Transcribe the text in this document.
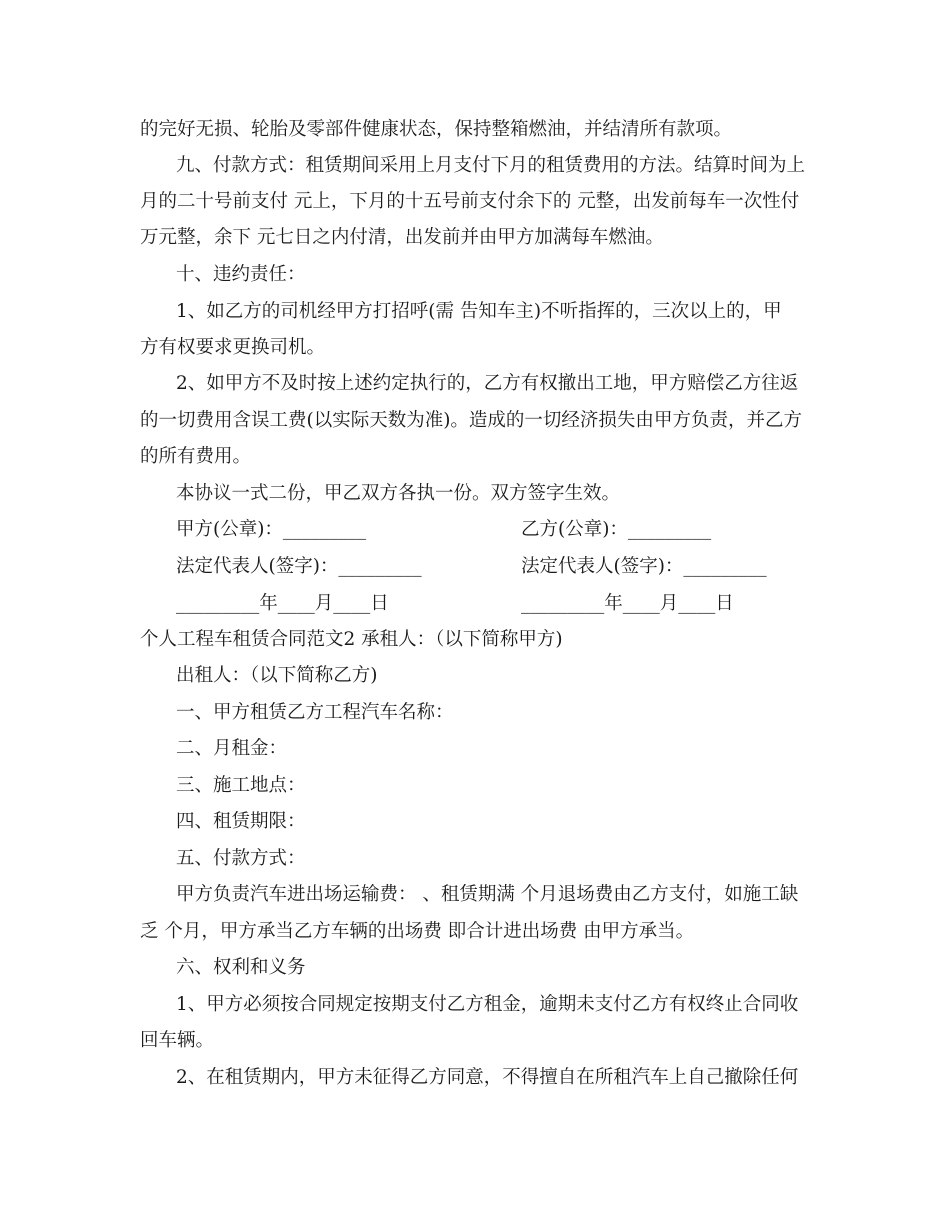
的完好无损、轮胎及零部件健康状态，保持整箱燃油，并结清所有款项。
九、付款方式：租赁期间采用上月支付下月的租赁费用的方法。结算时间为上
月的二十号前支付 元上，下月的十五号前支付余下的 元整，出发前每车一次性付
万元整，余下 元七日之内付清，出发前并由甲方加满每车燃油。
十、违约责任：
1、如乙方的司机经甲方打招呼(需 告知车主)不听指挥的，三次以上的，甲
方有权要求更换司机。
2、如甲方不及时按上述约定执行的，乙方有权撤出工地，甲方赔偿乙方往返
的一切费用含误工费(以实际天数为准)。造成的一切经济损失由甲方负责，并乙方
的所有费用。
本协议一式二份，甲乙双方各执一份。双方签字生效。
甲方(公章)：_________	乙方(公章)：_________
法定代表人(签字)：_________	法定代表人(签字)：_________
_________年____月____日	_________年____月____日
个人工程车租赁合同范文2 承租人：（以下简称甲方)
出租人：（以下简称乙方)
一、甲方租赁乙方工程汽车名称：
二、月租金：
三、施工地点：
四、租赁期限：
五、付款方式：
甲方负责汽车进出场运输费： 、租赁期满 个月退场费由乙方支付，如施工缺
乏 个月，甲方承当乙方车辆的出场费 即合计进出场费 由甲方承当。
六、权利和义务
1、甲方必须按合同规定按期支付乙方租金，逾期未支付乙方有权终止合同收
回车辆。
2、在租赁期内，甲方未征得乙方同意，不得擅自在所租汽车上自己撤除任何
